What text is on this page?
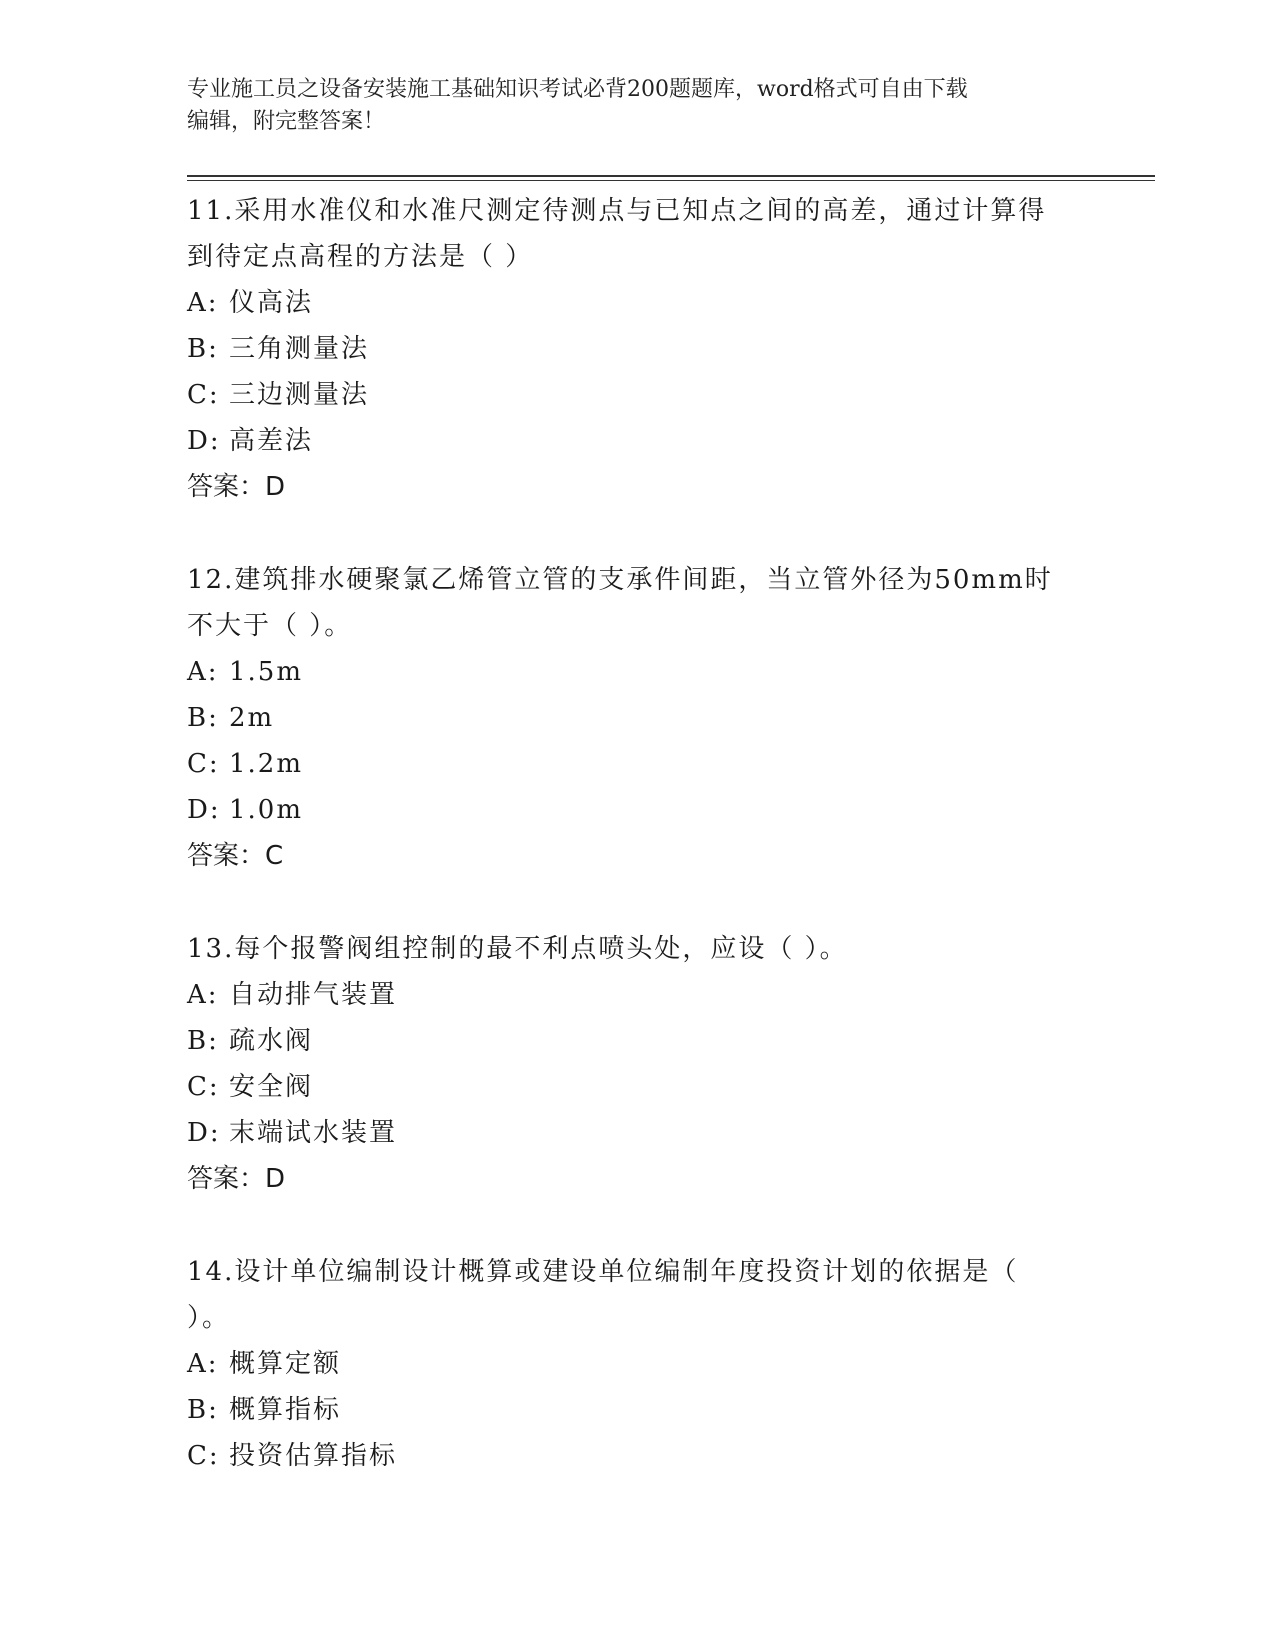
专业施工员之设备安装施工基础知识考试必背200题题库，word格式可自由下载
编辑，附完整答案！

11.采用水准仪和水准尺测定待测点与已知点之间的高差，通过计算得到待定点高程的方法是（ ）

A: 仪高法

B: 三角测量法

C: 三边测量法

D: 高差法

答案：D

12.建筑排水硬聚氯乙烯管立管的支承件间距，当立管外径为50mm时不大于（ ）。

A: 1.5m

B: 2m

C: 1.2m

D: 1.0m

答案：C

13.每个报警阀组控制的最不利点喷头处，应设（ ）。

A: 自动排气装置

B: 疏水阀

C: 安全阀

D: 末端试水装置

答案：D

14.设计单位编制设计概算或建设单位编制年度投资计划的依据是（ ）。

A: 概算定额

B: 概算指标

C: 投资估算指标
